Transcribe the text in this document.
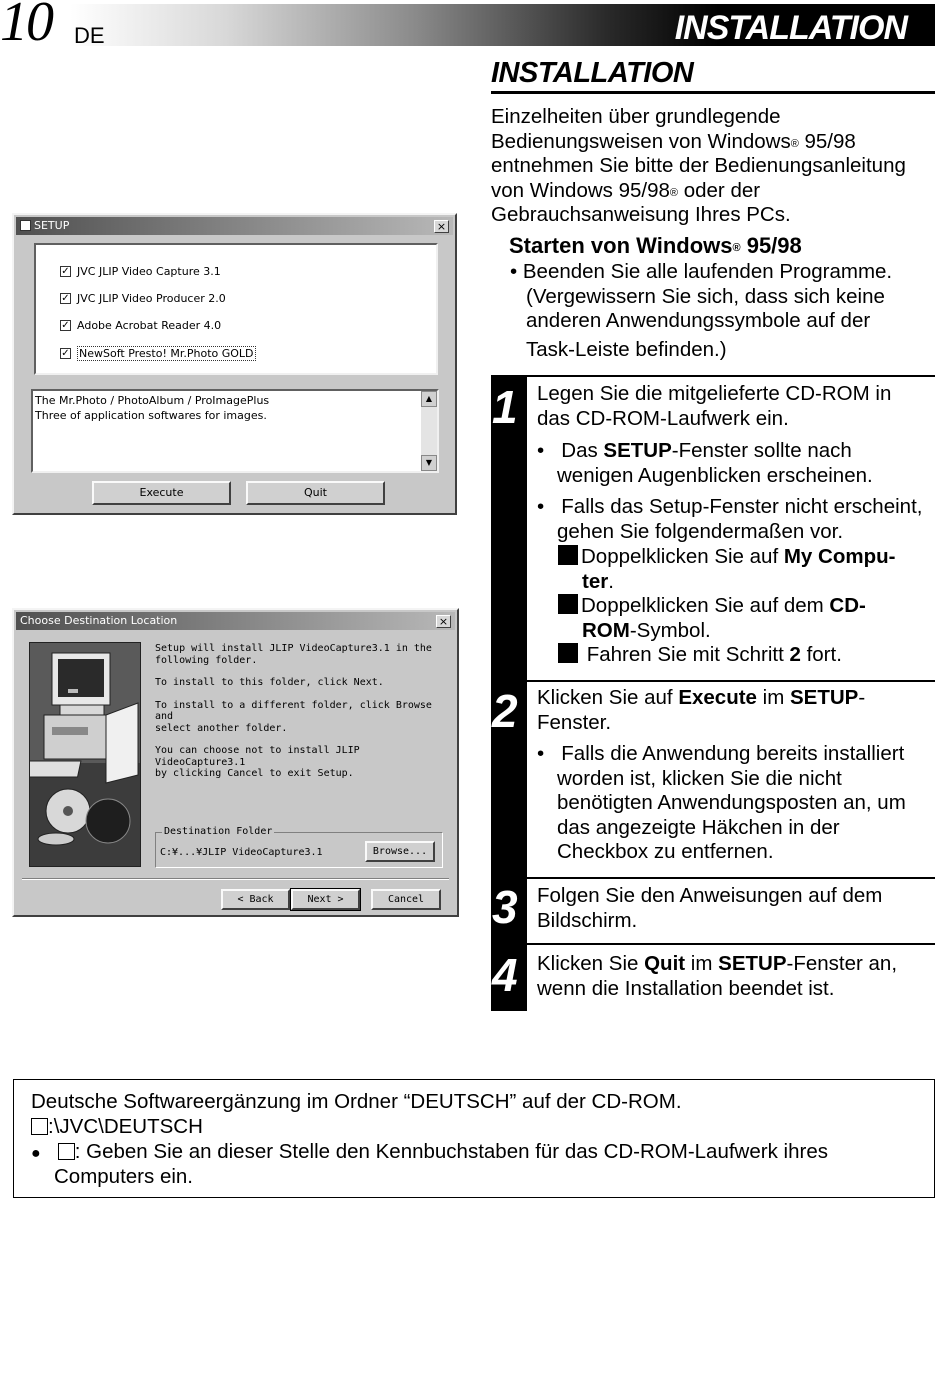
INSTALLATION
10 DE
INSTALLATION
Einzelheiten über grundlegende
Bedienungsweisen von Windows® 95/98
entnehmen Sie bitte der Bedienungsanleitung
von Windows 95/98® oder der
Gebrauchsanweisung Ihres PCs.
Starten von Windows® 95/98
• Beenden Sie alle laufenden Programme.
(Vergewissern Sie sich, dass sich keine
anderen Anwendungssymbole auf der
Task-Leiste befinden.)
1 Legen Sie die mitgelieferte CD-ROM in
das CD-ROM-Laufwerk ein.
•   Das SETUP-Fenster sollte nach
wenigen Augenblicken erscheinen.
•   Falls das Setup-Fenster nicht erscheint,
gehen Sie folgendermaßen vor.
Doppelklicken Sie auf My Compu-
ter.
Doppelklicken Sie auf dem CD-
ROM-Symbol.
Fahren Sie mit Schritt 2 fort.
2 Klicken Sie auf Execute im SETUP-
Fenster.
•   Falls die Anwendung bereits installiert
worden ist, klicken Sie die nicht
benötigten Anwendungsposten an, um
das angezeigte Häkchen in der
Checkbox zu entfernen.
3 Folgen Sie den Anweisungen auf dem
Bildschirm.
4 Klicken Sie Quit im SETUP-Fenster an,
wenn die Installation beendet ist.
SETUP	×
✓ JVC JLIP Video Capture 3.1
✓ JVC JLIP Video Producer 2.0
✓ Adobe Acrobat Reader 4.0
✓ NewSoft Presto! Mr.Photo GOLD
The Mr.Photo / PhotoAlbum / ProImagePlus
Three of application softwares for images.
▲
▼
Execute	Quit
Choose Destination Location	×
Setup will install JLIP VideoCapture3.1 in the
following folder.
To install to this folder, click Next.
To install to a different folder, click Browse and
select another folder.
You can choose not to install JLIP VideoCapture3.1
by clicking Cancel to exit Setup.
Destination Folder
C:¥...¥JLIP VideoCapture3.1	Browse...
< Back	Next >	Cancel
Deutsche Softwareergänzung im Ordner “DEUTSCH” auf der CD-ROM.
:\JVC\DEUTSCH
● : Geben Sie an dieser Stelle den Kennbuchstaben für das CD-ROM-Laufwerk ihres
Computers ein.
